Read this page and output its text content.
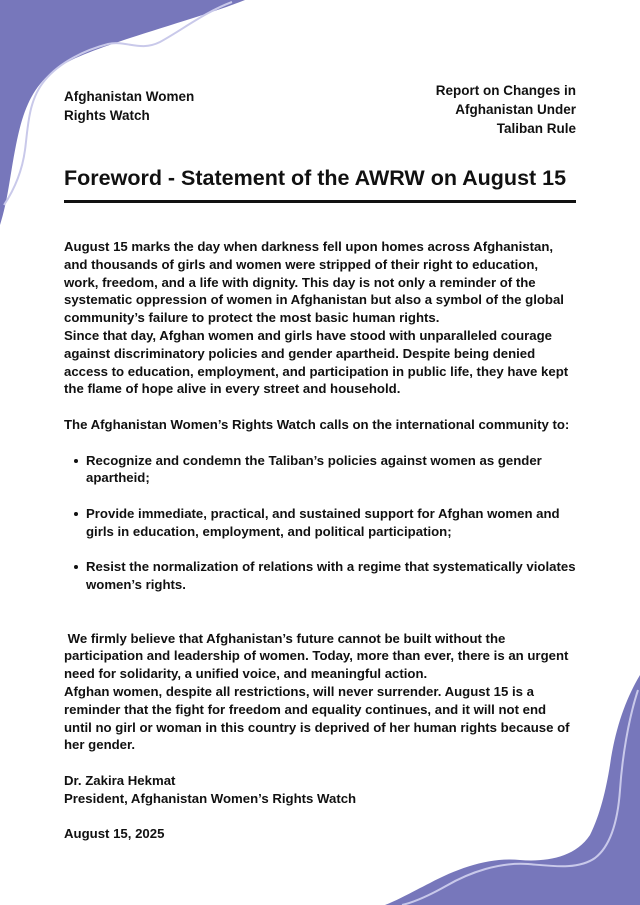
Afghanistan Women
Rights Watch
Report on Changes in
Afghanistan Under
Taliban Rule
Foreword - Statement of the AWRW on August 15

August 15 marks the day when darkness fell upon homes across Afghanistan, and thousands of girls and women were stripped of their right to education, work, freedom, and a life with dignity. This day is not only a reminder of the systematic oppression of women in Afghanistan but also a symbol of the global community’s failure to protect the most basic human rights.

Since that day, Afghan women and girls have stood with unparalleled courage against discriminatory policies and gender apartheid. Despite being denied access to education, employment, and participation in public life, they have kept the flame of hope alive in every street and household.

The Afghanistan Women’s Rights Watch calls on the international community to:

Recognize and condemn the Taliban’s policies against women as gender apartheid;
Provide immediate, practical, and sustained support for Afghan women and girls in education, employment, and political participation;
Resist the normalization of relations with a regime that systematically violates women’s rights.

We firmly believe that Afghanistan’s future cannot be built without the participation and leadership of women. Today, more than ever, there is an urgent need for solidarity, a unified voice, and meaningful action.

Afghan women, despite all restrictions, will never surrender. August 15 is a reminder that the fight for freedom and equality continues, and it will not end until no girl or woman in this country is deprived of her human rights because of her gender.

Dr. Zakira Hekmat

President, Afghanistan Women’s Rights Watch

August 15, 2025
